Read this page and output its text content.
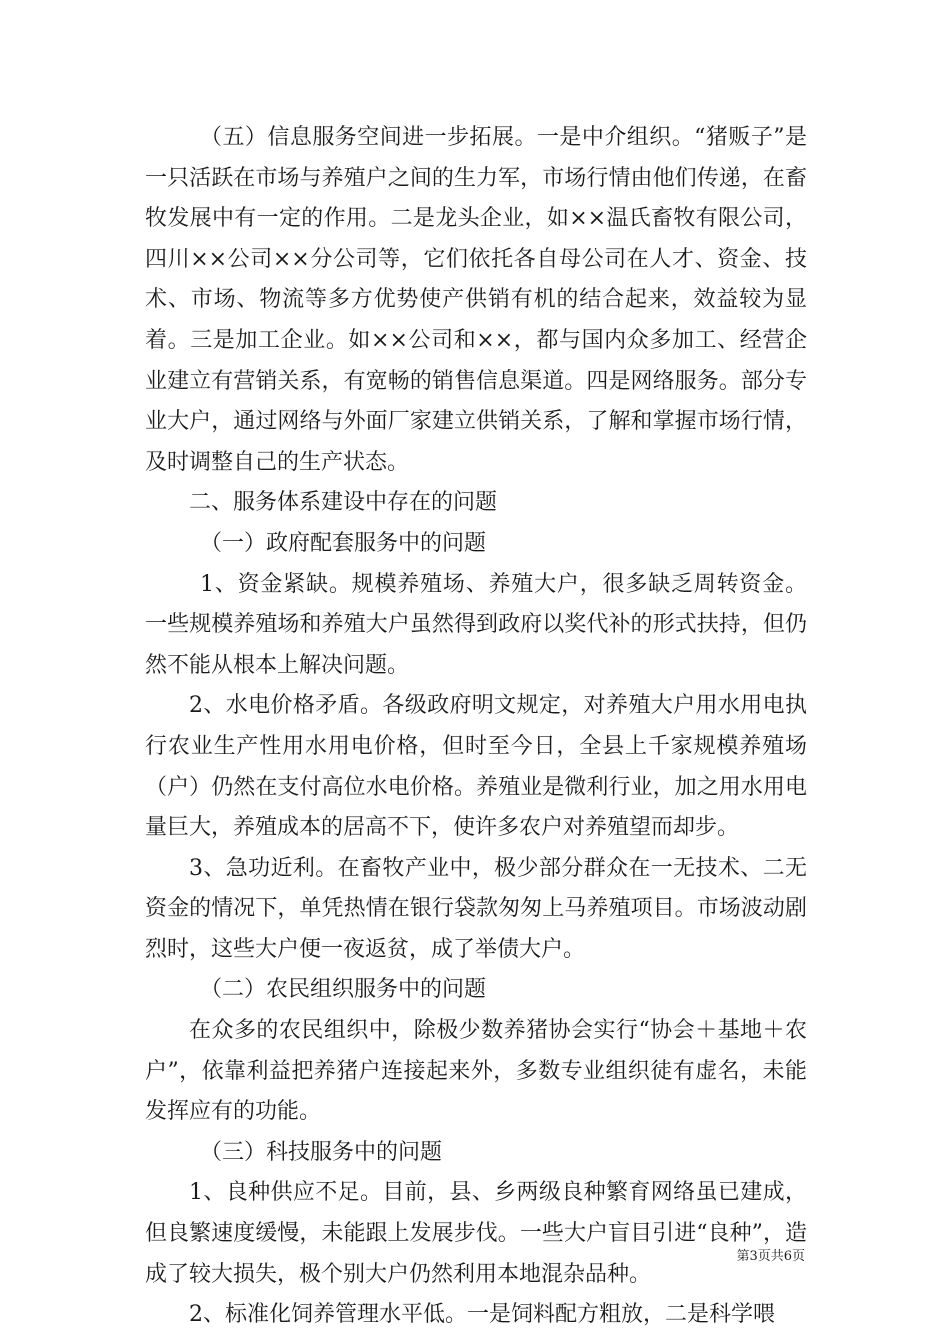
（五）信息服务空间进一步拓展。一是中介组织。“猪贩子”是一只活跃在市场与养殖户之间的生力军，市场行情由他们传递，在畜牧发展中有一定的作用。二是龙头企业，如××温氏畜牧有限公司，四川××公司××分公司等，它们依托各自母公司在人才、资金、技术、市场、物流等多方优势使产供销有机的结合起来，效益较为显着。三是加工企业。如××公司和××，都与国内众多加工、经营企业建立有营销关系，有宽畅的销售信息渠道。四是网络服务。部分专业大户，通过网络与外面厂家建立供销关系，了解和掌握市场行情，及时调整自己的生产状态。

二、服务体系建设中存在的问题

（一）政府配套服务中的问题

1、资金紧缺。规模养殖场、养殖大户，很多缺乏周转资金。一些规模养殖场和养殖大户虽然得到政府以奖代补的形式扶持，但仍然不能从根本上解决问题。

2、水电价格矛盾。各级政府明文规定，对养殖大户用水用电执行农业生产性用水用电价格，但时至今日，全县上千家规模养殖场（户）仍然在支付高位水电价格。养殖业是微利行业，加之用水用电量巨大，养殖成本的居高不下，使许多农户对养殖望而却步。

3、急功近利。在畜牧产业中，极少部分群众在一无技术、二无资金的情况下，单凭热情在银行袋款匆匆上马养殖项目。市场波动剧烈时，这些大户便一夜返贫，成了举债大户。

（二）农民组织服务中的问题

在众多的农民组织中，除极少数养猪协会实行“协会＋基地＋农户”，依靠利益把养猪户连接起来外，多数专业组织徒有虚名，未能发挥应有的功能。

（三）科技服务中的问题

1、良种供应不足。目前，县、乡两级良种繁育网络虽已建成，但良繁速度缓慢，未能跟上发展步伐。一些大户盲目引进“良种”，造成了较大损失，极个别大户仍然利用本地混杂品种。

2、标准化饲养管理水平低。一是饲料配方粗放，二是科学喂

第3页共6页
